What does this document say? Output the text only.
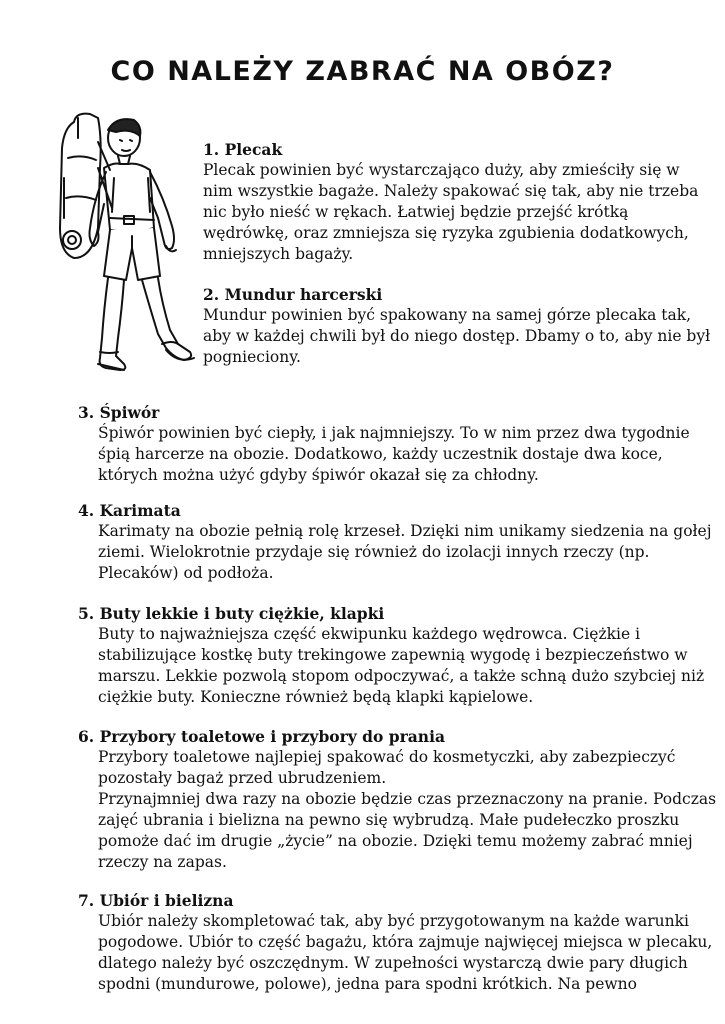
CO NALEŻY ZABRAĆ NA OBÓZ?

1. Plecak

Plecak powinien być wystarczająco duży, aby zmieściły się w
nim wszystkie bagaże. Należy spakować się tak, aby nie trzeba
nic było nieść w rękach. Łatwiej będzie przejść krótką
wędrówkę, oraz zmniejsza się ryzyka zgubienia dodatkowych,
mniejszych bagaży.

2. Mundur harcerski

Mundur powinien być spakowany na samej górze plecaka tak,
aby w każdej chwili był do niego dostęp. Dbamy o to, aby nie był
pognieciony.

3. Śpiwór

Śpiwór powinien być ciepły, i jak najmniejszy. To w nim przez dwa tygodnie
śpią harcerze na obozie. Dodatkowo, każdy uczestnik dostaje dwa koce,
których można użyć gdyby śpiwór okazał się za chłodny.

4. Karimata

Karimaty na obozie pełnią rolę krzeseł. Dzięki nim unikamy siedzenia na gołej
ziemi. Wielokrotnie przydaje się również do izolacji innych rzeczy (np.
Plecaków) od podłoża.

5. Buty lekkie i buty ciężkie, klapki

Buty to najważniejsza część ekwipunku każdego wędrowca. Ciężkie i
stabilizujące kostkę buty trekingowe zapewnią wygodę i bezpieczeństwo w
marszu. Lekkie pozwolą stopom odpoczywać, a także schną dużo szybciej niż
ciężkie buty. Konieczne również będą klapki kąpielowe.

6. Przybory toaletowe i przybory do prania

Przybory toaletowe najlepiej spakować do kosmetyczki, aby zabezpieczyć
pozostały bagaż przed ubrudzeniem.
Przynajmniej dwa razy na obozie będzie czas przeznaczony na pranie. Podczas
zajęć ubrania i bielizna na pewno się wybrudzą. Małe pudełeczko proszku
pomoże dać im drugie „życie” na obozie. Dzięki temu możemy zabrać mniej
rzeczy na zapas.

7. Ubiór i bielizna

Ubiór należy skompletować tak, aby być przygotowanym na każde warunki
pogodowe. Ubiór to część bagażu, która zajmuje najwięcej miejsca w plecaku,
dlatego należy być oszczędnym. W zupełności wystarczą dwie pary długich
spodni (mundurowe, polowe), jedna para spodni krótkich. Na pewno
